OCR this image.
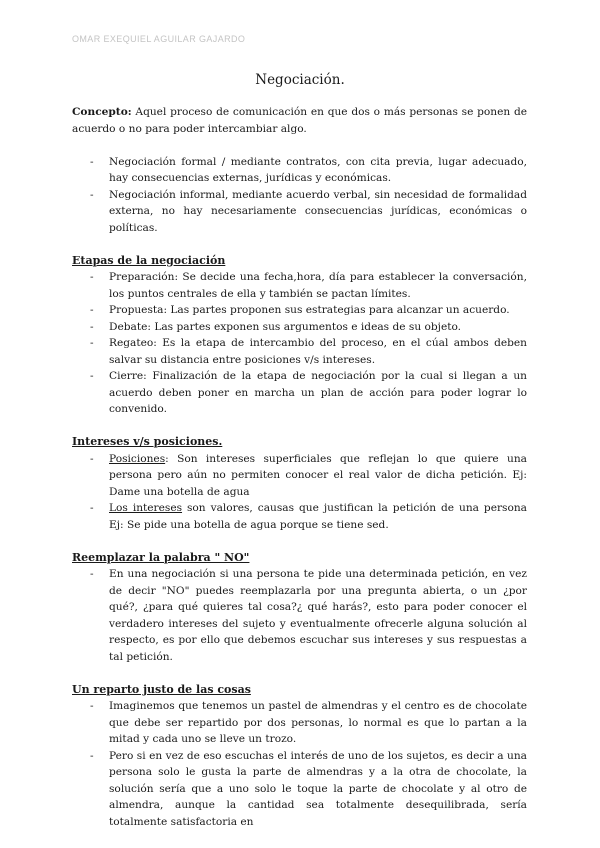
OMAR EXEQUIEL AGUILAR GAJARDO
Negociación.

Concepto: Aquel proceso de comunicación en que dos o más personas se ponen de acuerdo o no para poder intercambiar algo.

- Negociación formal / mediante contratos, con cita previa, lugar adecuado, hay consecuencias externas, jurídicas y económicas.
- Negociación informal, mediante acuerdo verbal, sin necesidad de formalidad externa, no hay necesariamente consecuencias jurídicas, económicas o políticas.
Etapas de la negociación
- Preparación: Se decide una fecha,hora, día para establecer la conversación, los puntos centrales de ella y también se pactan límites.
- Propuesta: Las partes proponen sus estrategias para alcanzar un acuerdo.
- Debate: Las partes exponen sus argumentos e ideas de su objeto.
- Regateo: Es la etapa de intercambio del proceso, en el cúal ambos deben salvar su distancia entre posiciones v/s intereses.
- Cierre: Finalización de la etapa de negociación por la cual si llegan a un acuerdo deben poner en marcha un plan de acción para poder lograr lo convenido.
Intereses v/s posiciones.
- Posiciones: Son intereses superficiales que reflejan lo que quiere una persona pero aún no permiten conocer el real valor de dicha petición. Ej: Dame una botella de agua
- Los intereses son valores, causas que justifican la petición de una persona Ej: Se pide una botella de agua porque se tiene sed.
Reemplazar la palabra " NO"
- En una negociación si una persona te pide una determinada petición, en vez de decir "NO" puedes reemplazarla por una pregunta abierta, o un ¿por qué?, ¿para qué quieres tal cosa?¿ qué harás?, esto para poder conocer el verdadero intereses del sujeto y eventualmente ofrecerle alguna solución al respecto, es por ello que debemos escuchar sus intereses y sus respuestas a tal petición.
Un reparto justo de las cosas
- Imaginemos que tenemos un pastel de almendras y el centro es de chocolate que debe ser repartido por dos personas, lo normal es que lo partan a la mitad y cada uno se lleve un trozo.
- Pero si en vez de eso escuchas el interés de uno de los sujetos, es decir a una persona solo le gusta la parte de almendras y a la otra de chocolate, la solución sería que a uno solo le toque la parte de chocolate y al otro de almendra, aunque la cantidad sea totalmente desequilibrada, sería totalmente satisfactoria en
